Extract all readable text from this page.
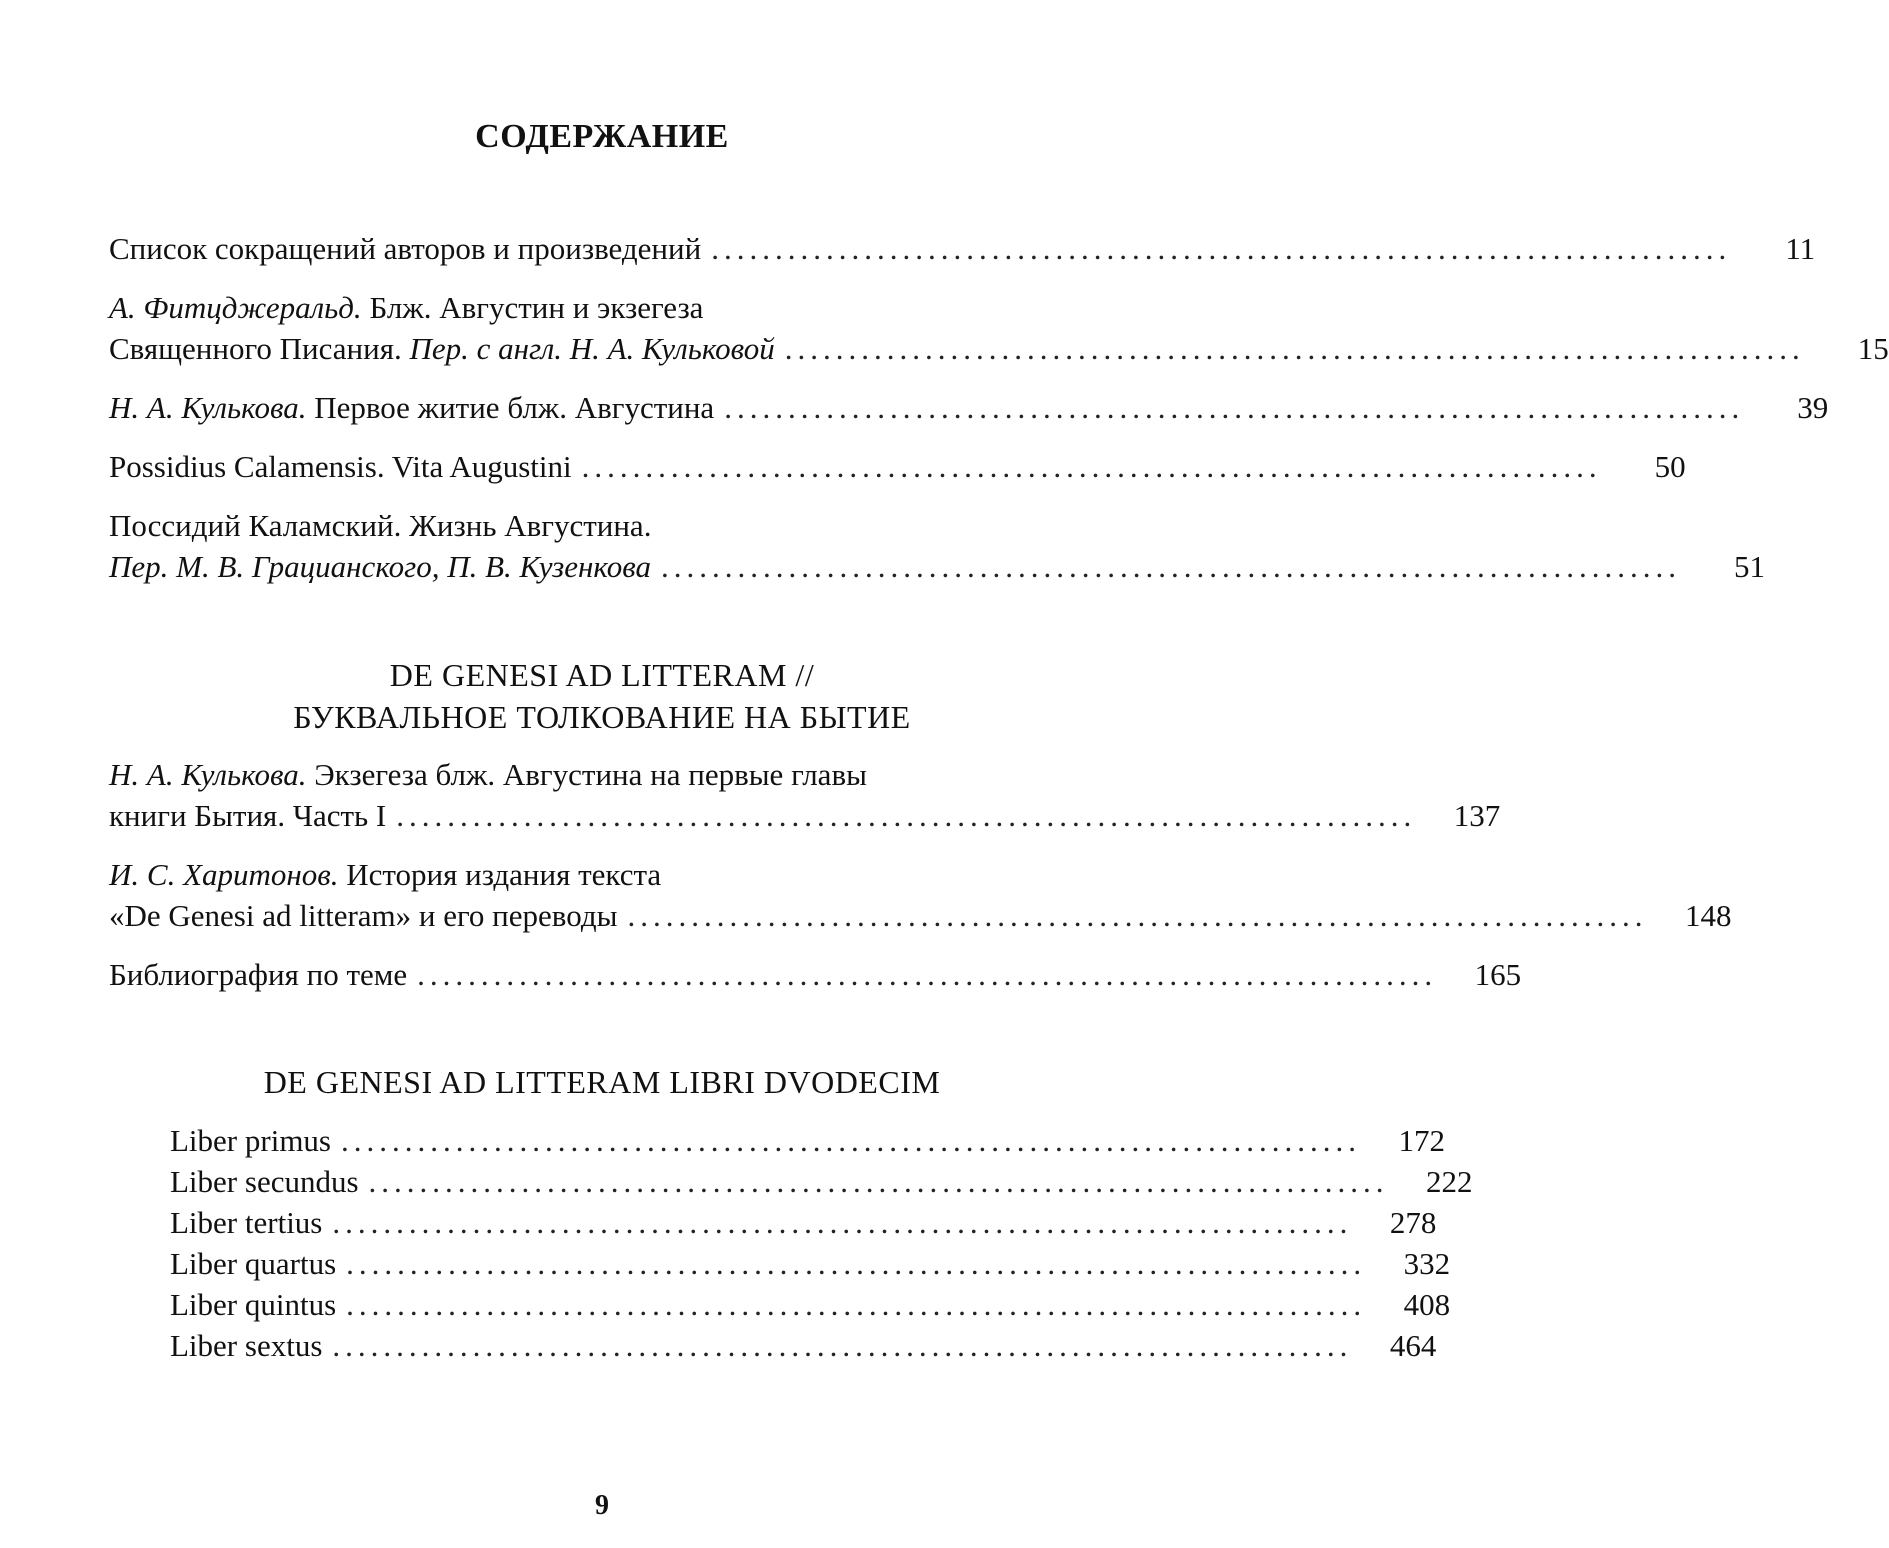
СОДЕРЖАНИЕ
Список сокращений авторов и произведений ................................................................................	11
А. Фитцджеральд. Блж. Августин и экзегеза
Священного Писания. Пер. с англ. Н. А. Кульковой ................................................................................	15
Н. А. Кулькова. Первое житие блж. Августина ................................................................................	39
Possidius Calamensis. Vita Augustini ................................................................................	50
Поссидий Каламский. Жизнь Августина.
Пер. М. В. Грацианского, П. В. Кузенкова ................................................................................	51
DE GENESI AD LITTERAM //
БУКВАЛЬНОЕ ТОЛКОВАНИЕ НА БЫТИЕ
Н. А. Кулькова. Экзегеза блж. Августина на первые главы
книги Бытия. Часть I ................................................................................	137
И. С. Харитонов. История издания текста
«De Genesi ad litteram» и его переводы ................................................................................	148
Библиография по теме ................................................................................	165
DE GENESI AD LITTERAM LIBRI DVODECIM
Liber primus ................................................................................	172
Liber secundus ................................................................................	222
Liber tertius ................................................................................	278
Liber quartus ................................................................................	332
Liber quintus ................................................................................	408
Liber sextus ................................................................................	464
9
